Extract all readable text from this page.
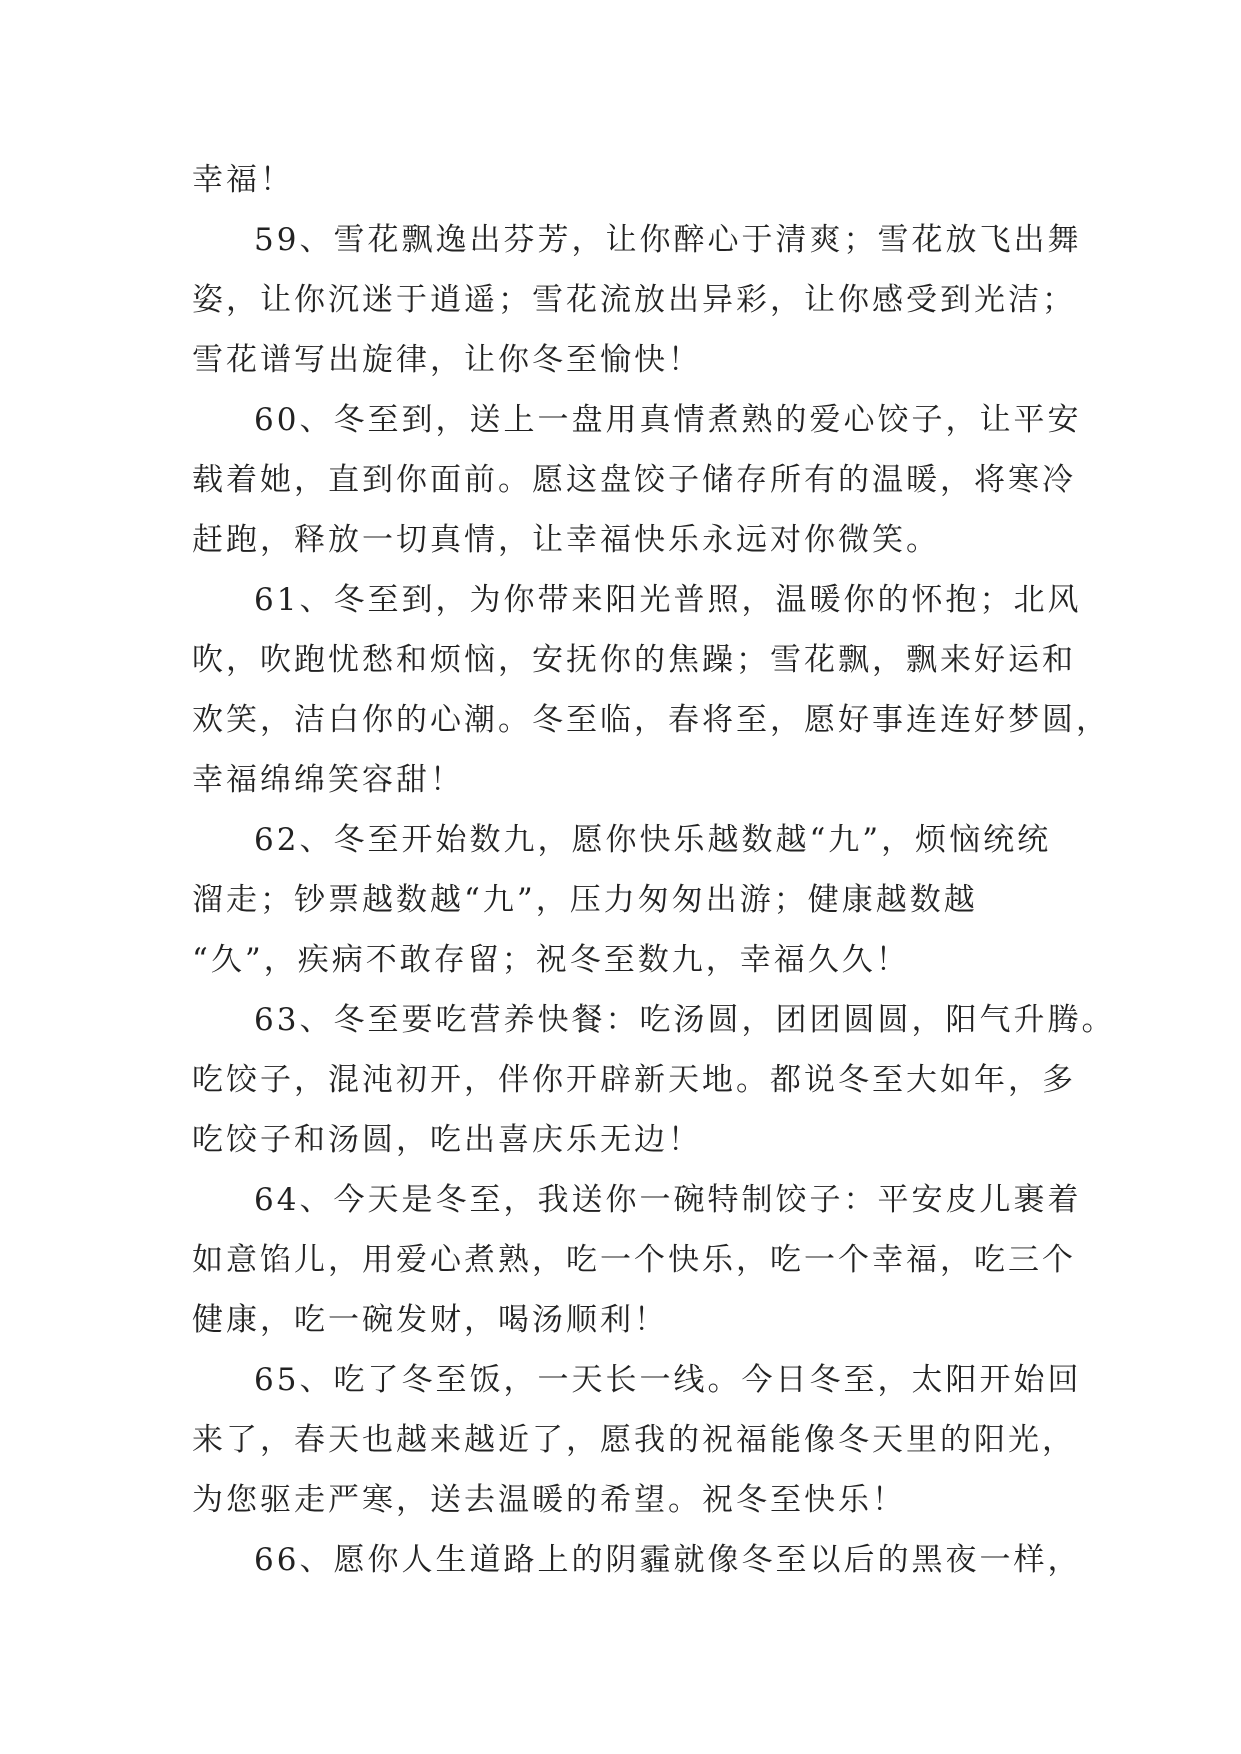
幸福！
59、雪花飘逸出芬芳，让你醉心于清爽；雪花放飞出舞
姿，让你沉迷于逍遥；雪花流放出异彩，让你感受到光洁；
雪花谱写出旋律，让你冬至愉快！
60、冬至到，送上一盘用真情煮熟的爱心饺子，让平安
载着她，直到你面前。愿这盘饺子储存所有的温暖，将寒冷
赶跑，释放一切真情，让幸福快乐永远对你微笑。
61、冬至到，为你带来阳光普照，温暖你的怀抱；北风
吹，吹跑忧愁和烦恼，安抚你的焦躁；雪花飘，飘来好运和
欢笑，洁白你的心潮。冬至临，春将至，愿好事连连好梦圆，
幸福绵绵笑容甜！
62、冬至开始数九，愿你快乐越数越“九”，烦恼统统
溜走；钞票越数越“九”，压力匆匆出游；健康越数越
“久”，疾病不敢存留；祝冬至数九，幸福久久！
63、冬至要吃营养快餐：吃汤圆，团团圆圆，阳气升腾。
吃饺子，混沌初开，伴你开辟新天地。都说冬至大如年，多
吃饺子和汤圆，吃出喜庆乐无边！
64、今天是冬至，我送你一碗特制饺子：平安皮儿裹着
如意馅儿，用爱心煮熟，吃一个快乐，吃一个幸福，吃三个
健康，吃一碗发财，喝汤顺利！
65、吃了冬至饭，一天长一线。今日冬至，太阳开始回
来了，春天也越来越近了，愿我的祝福能像冬天里的阳光，
为您驱走严寒，送去温暖的希望。祝冬至快乐！
66、愿你人生道路上的阴霾就像冬至以后的黑夜一样，
